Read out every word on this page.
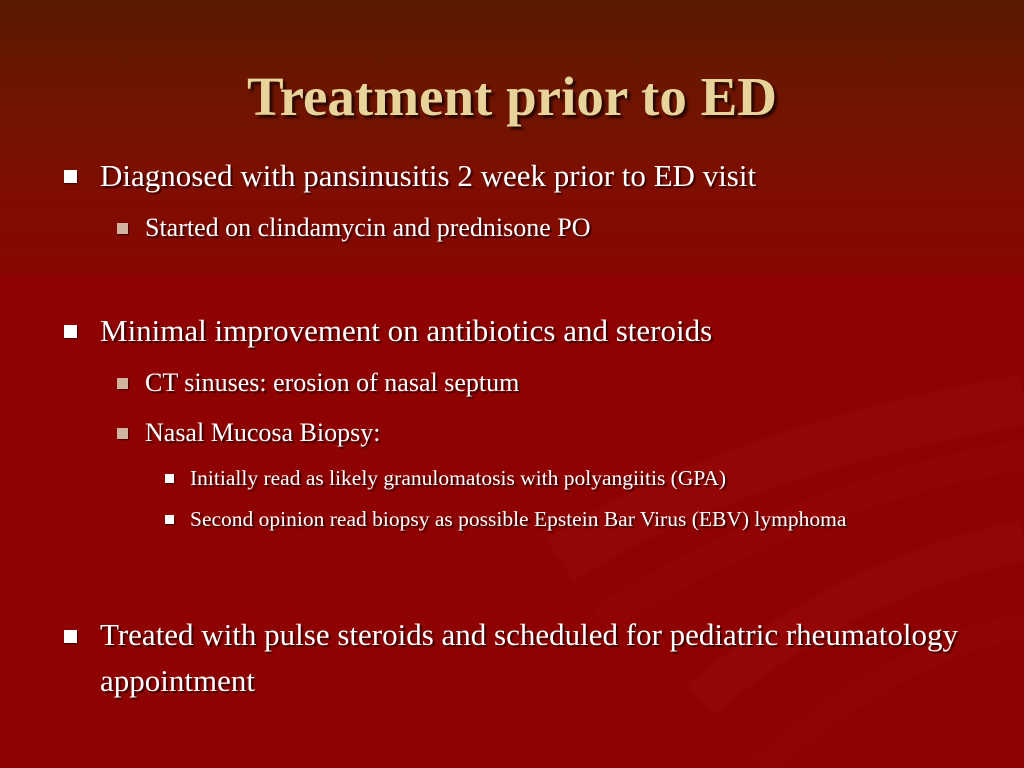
Treatment prior to ED
Diagnosed with pansinusitis 2 week prior to ED visit
Started on clindamycin and prednisone PO
Minimal improvement on antibiotics and steroids
CT sinuses: erosion of nasal septum
Nasal Mucosa Biopsy:
Initially read as likely granulomatosis with polyangiitis (GPA)
Second opinion read biopsy as possible Epstein Bar Virus (EBV) lymphoma
Treated with pulse steroids and scheduled for pediatric rheumatology appointment
